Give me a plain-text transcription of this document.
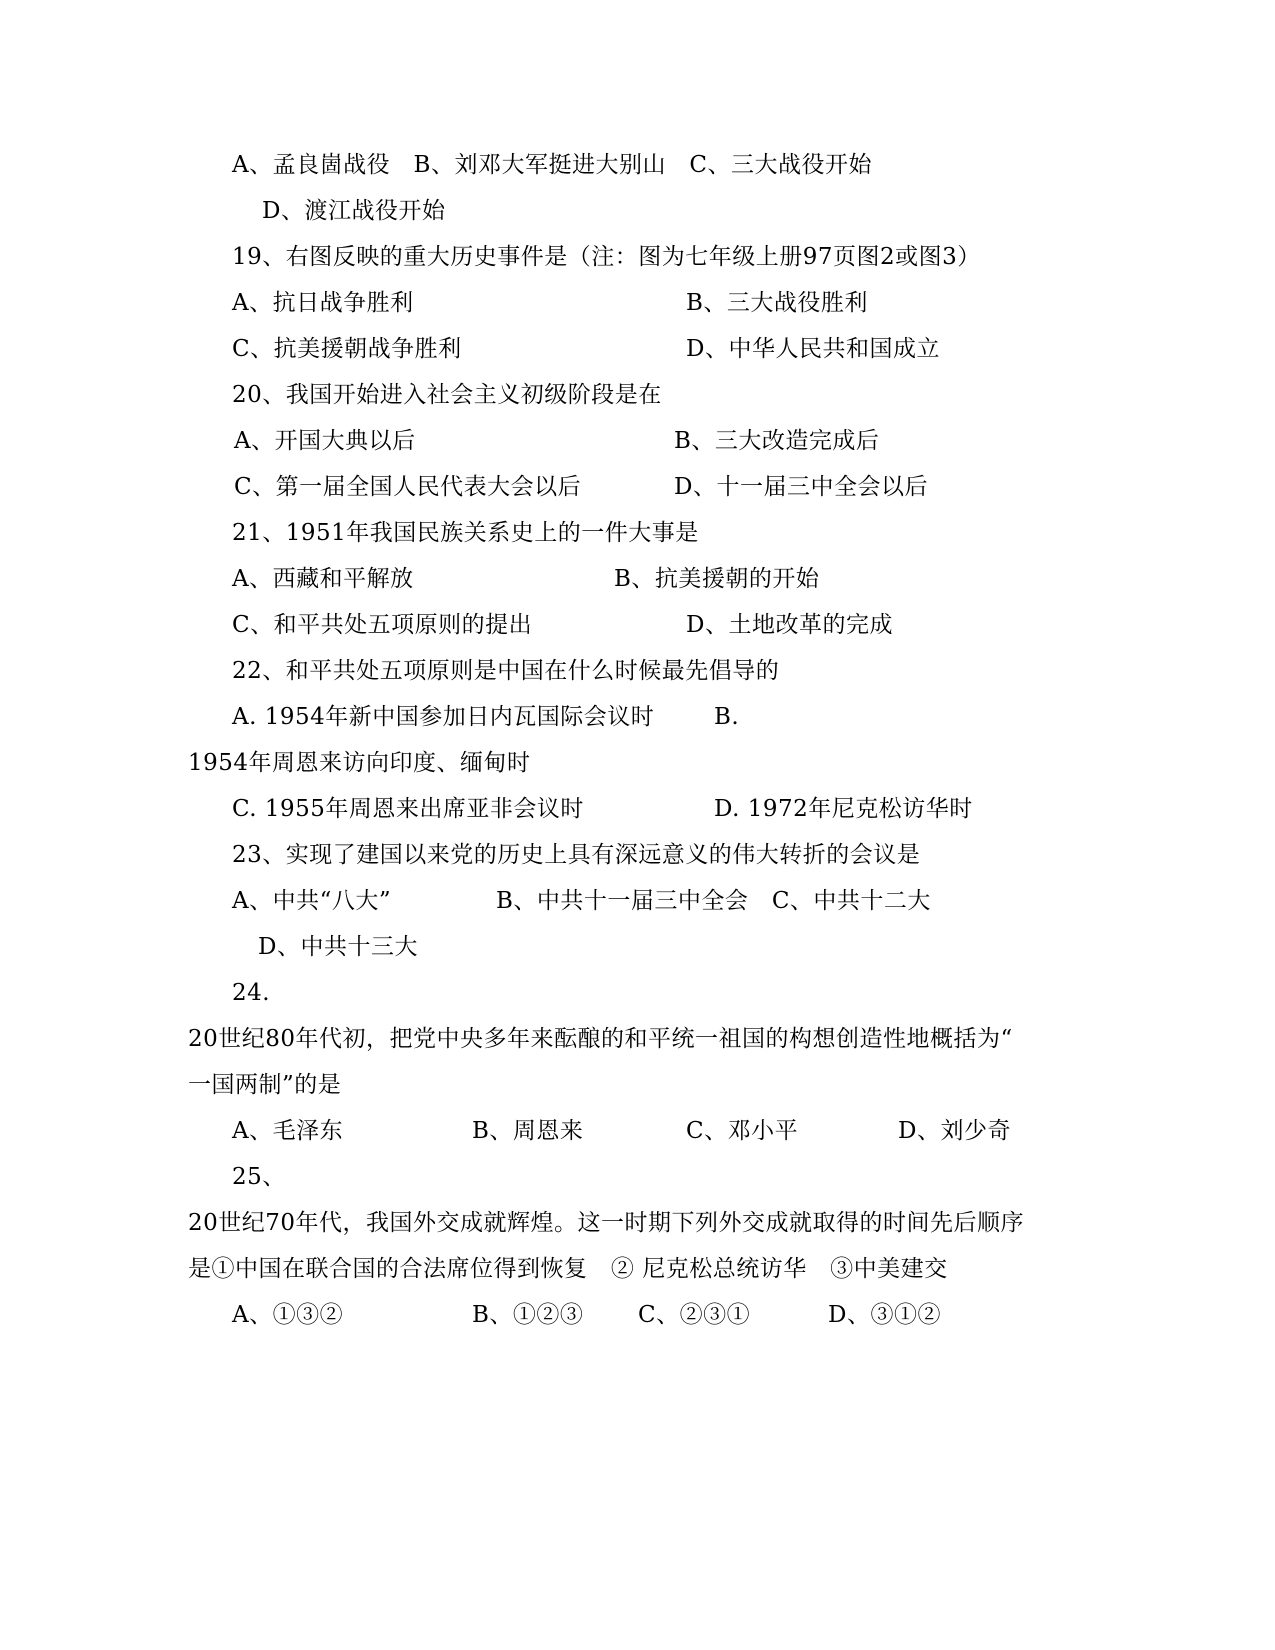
A、孟良崮战役   B、刘邓大军挺进大别山   C、三大战役开始
D、渡江战役开始
19、右图反映的重大历史事件是（注：图为七年级上册97页图2或图3）
A、抗日战争胜利	B、三大战役胜利
C、抗美援朝战争胜利	D、中华人民共和国成立
20、我国开始进入社会主义初级阶段是在
A、开国大典以后	B、三大改造完成后
C、第一届全国人民代表大会以后	D、十一届三中全会以后
21、1951年我国民族关系史上的一件大事是
A、西藏和平解放	B、抗美援朝的开始
C、和平共处五项原则的提出	D、土地改革的完成
22、和平共处五项原则是中国在什么时候最先倡导的
A. 1954年新中国参加日内瓦国际会议时	B.
1954年周恩来访向印度、缅甸时
C. 1955年周恩来出席亚非会议时	D. 1972年尼克松访华时
23、实现了建国以来党的历史上具有深远意义的伟大转折的会议是
A、中共“八大”	B、中共十一届三中全会   C、中共十二大
D、中共十三大
24.
20世纪80年代初，把党中央多年来酝酿的和平统一祖国的构想创造性地概括为“
一国两制”的是
A、毛泽东	B、周恩来	C、邓小平	D、刘少奇
25、
20世纪70年代，我国外交成就辉煌。这一时期下列外交成就取得的时间先后顺序
是①中国在联合国的合法席位得到恢复   ② 尼克松总统访华   ③中美建交
A、①③②	B、①②③ C、②③①	D、③①②
